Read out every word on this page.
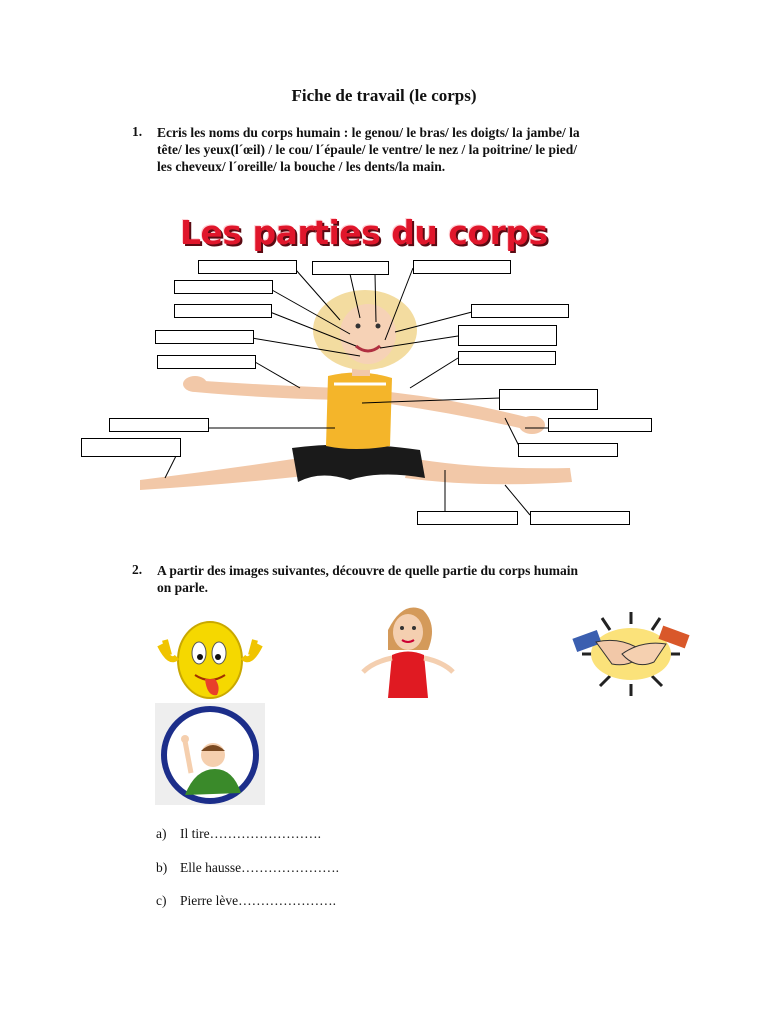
Fiche de travail (le corps)
1. Ecris les noms du corps humain : le genou/ le bras/ les doigts/ la jambe/ la
tête/ les yeux(l´œil) / le cou/ l´épaule/ le ventre/ le nez / la poitrine/ le pied/
les cheveux/ l´oreille/ la bouche / les dents/la main.
Les parties du corps
2. A partir des images suivantes, découvre de quelle partie du corps humain
on parle.
a) Il tire…………………….
b) Elle hausse………………….
c) Pierre lève………………….
